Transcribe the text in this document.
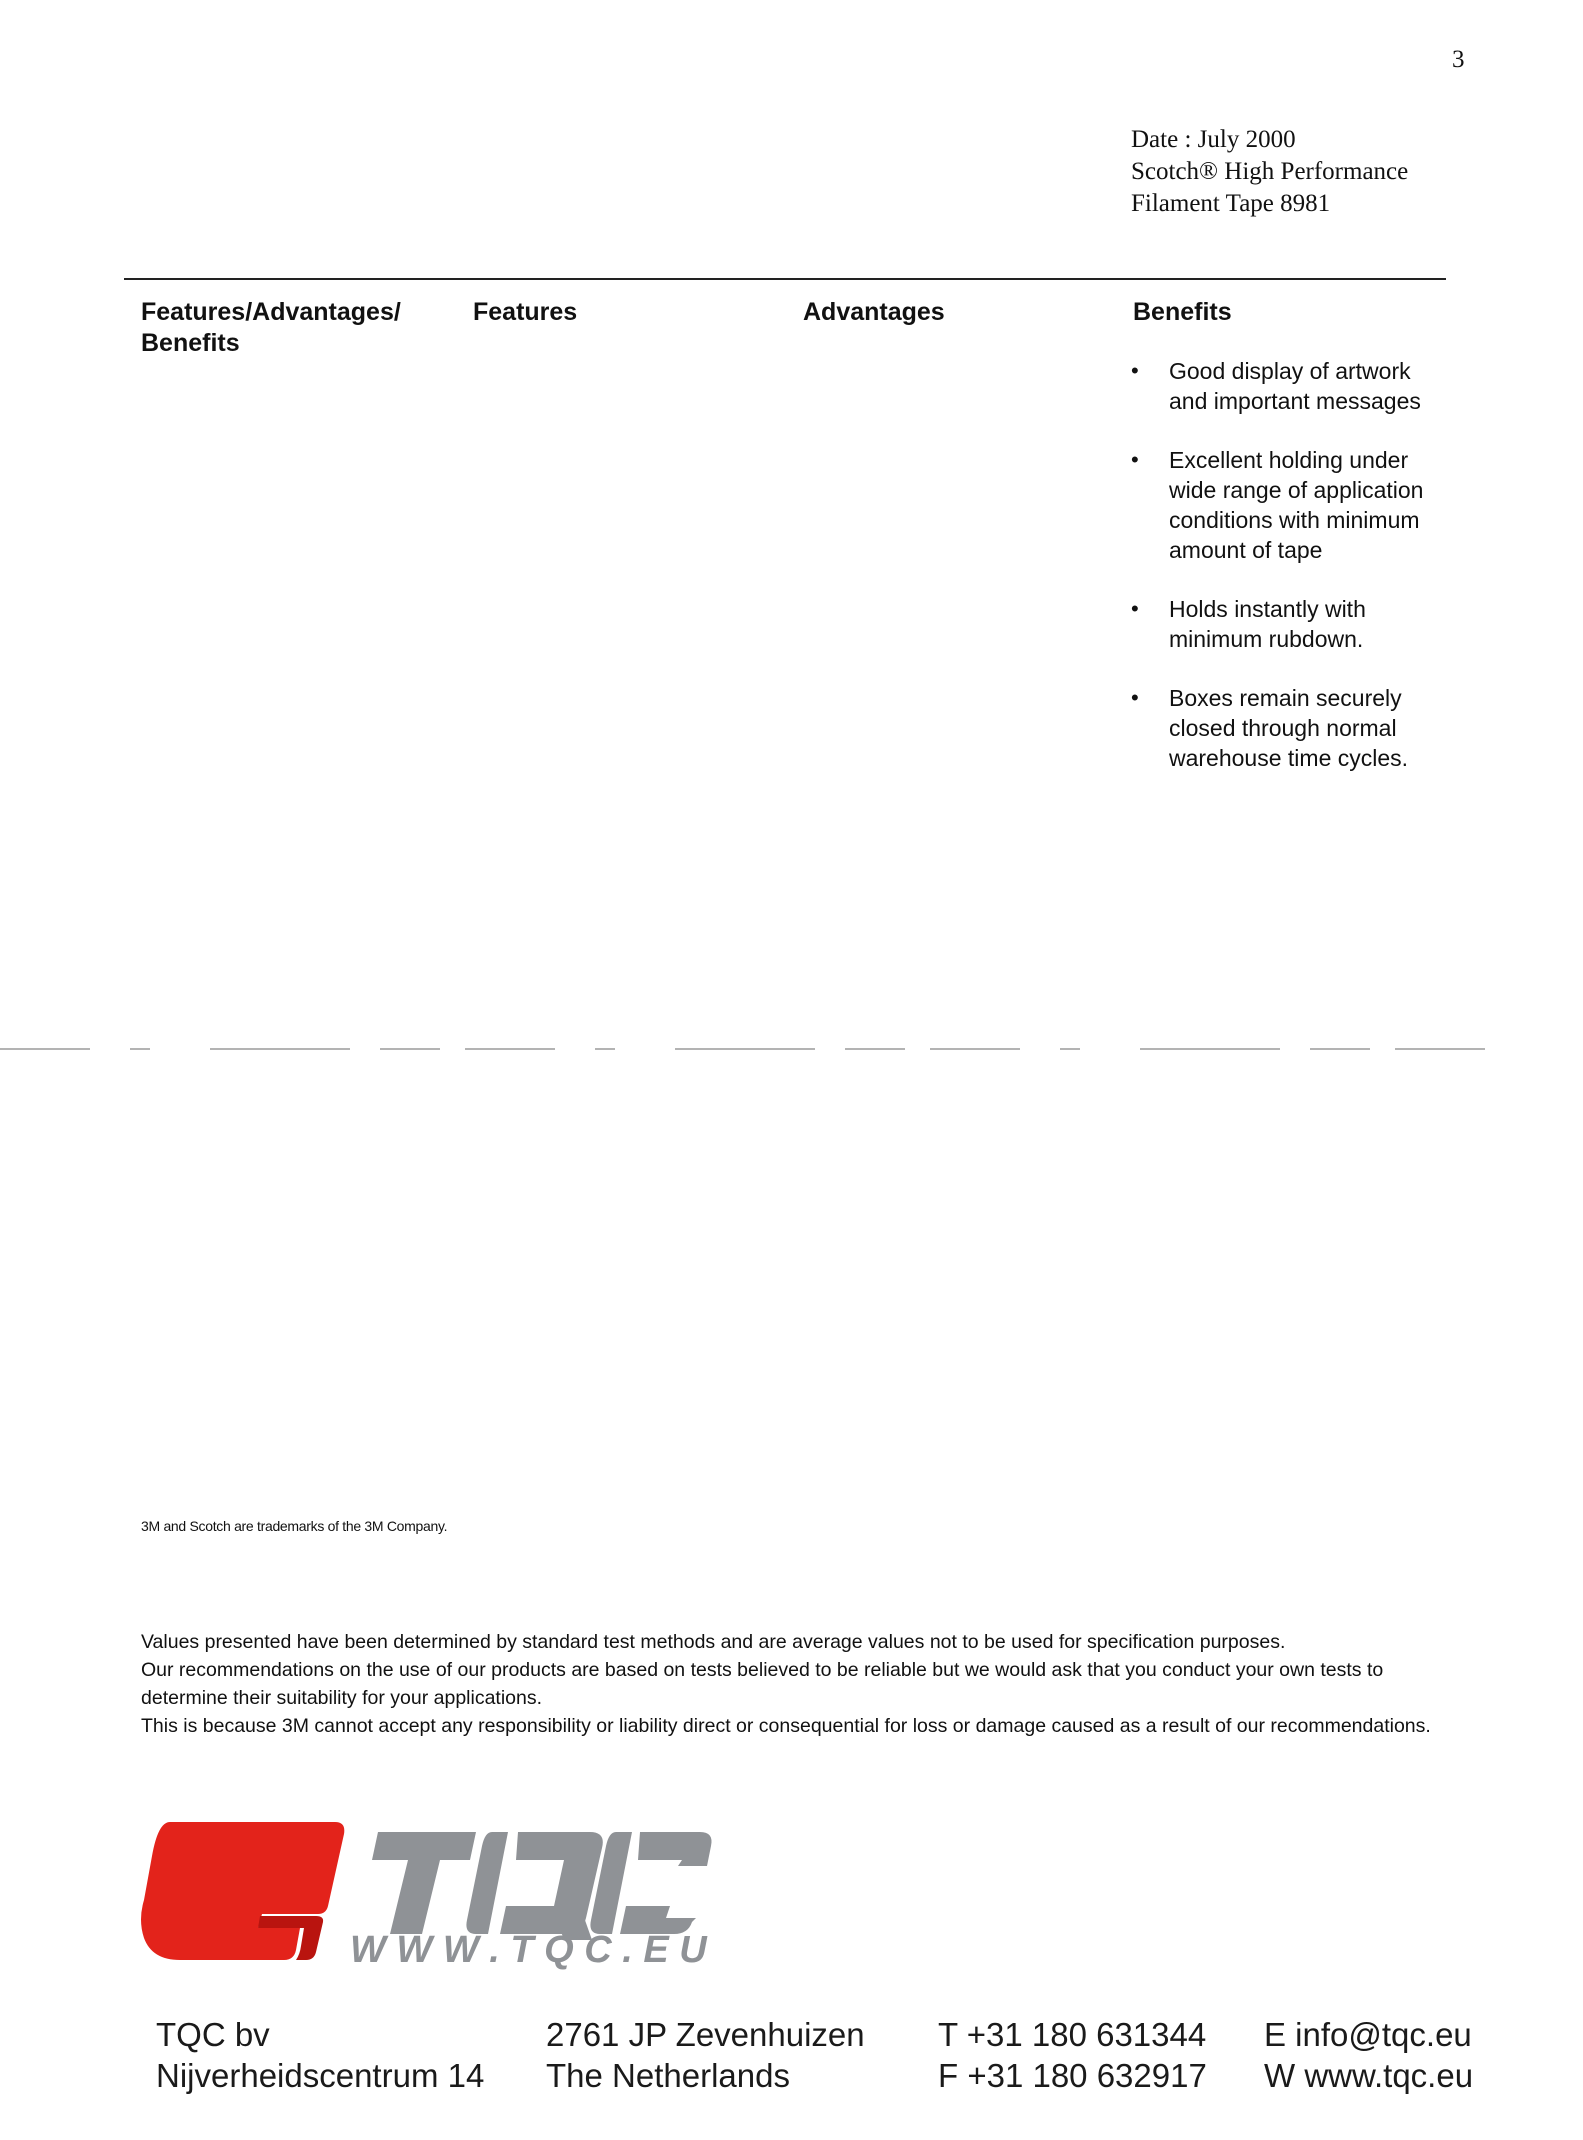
3
Date : July 2000
Scotch® High Performance
Filament Tape 8981
Features/Advantages/
Benefits
Features	Advantages	Benefits
• Good display of artwork and important messages
• Excellent holding under wide range of application conditions with minimum amount of tape
• Holds instantly with minimum rubdown.
• Boxes remain securely closed through normal warehouse time cycles.
3M and Scotch are trademarks of the 3M Company.

Values presented have been determined by standard test methods and are average values not to be used for specification purposes.

Our recommendations on the use of our products are based on tests believed to be reliable but we would ask that you conduct your own tests to determine their suitability for your applications.

This is because 3M cannot accept any responsibility or liability direct or consequential for loss or damage caused as a result of our recommendations.

W W W . T Q C . E U
TQC bv
Nijverheidscentrum 14
2761 JP Zevenhuizen
The Netherlands
T +31 180 631344
F +31 180 632917
E info@tqc.eu
W www.tqc.eu
